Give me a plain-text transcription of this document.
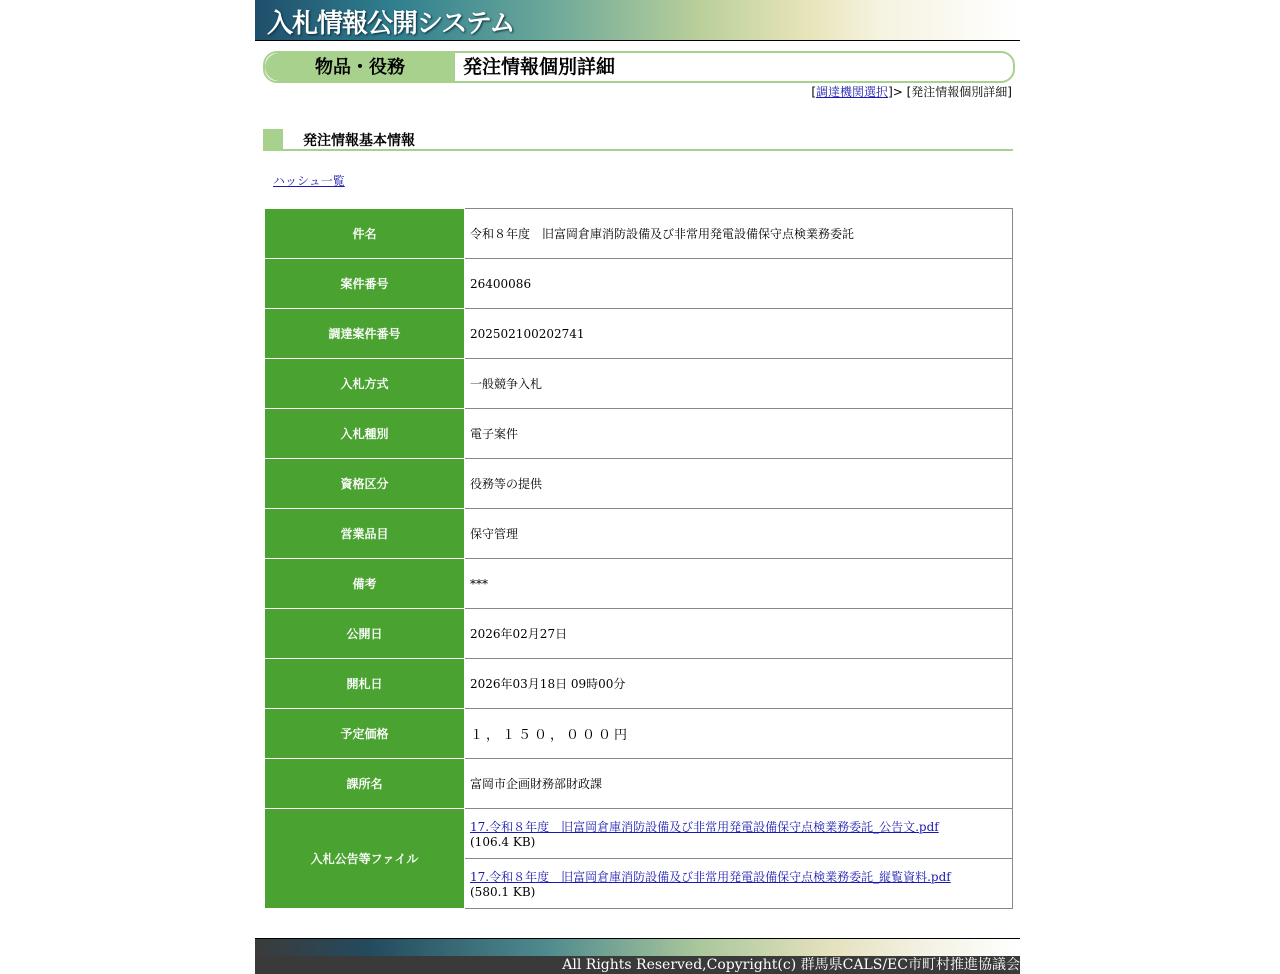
入札情報公開システム
物品・役務	発注情報個別詳細
[調達機関選択]> [発注情報個別詳細]
発注情報基本情報
ハッシュ一覧
件名	令和８年度　旧富岡倉庫消防設備及び非常用発電設備保守点検業務委託
案件番号	26400086
調達案件番号	202502100202741
入札方式	一般競争入札
入札種別	電子案件
資格区分	役務等の提供
営業品目	保守管理
備考	***
公開日	2026年02月27日
開札日	2026年03月18日 09時00分
予定価格	１，１５０，０００円
課所名	富岡市企画財務部財政課
入札公告等ファイル	17.令和８年度　旧富岡倉庫消防設備及び非常用発電設備保守点検業務委託_公告文.pdf
(106.4 KB)
	17.令和８年度　旧富岡倉庫消防設備及び非常用発電設備保守点検業務委託_縦覧資料.pdf
(580.1 KB)
All Rights Reserved,Copyright(c) 群馬県CALS/EC市町村推進協議会
